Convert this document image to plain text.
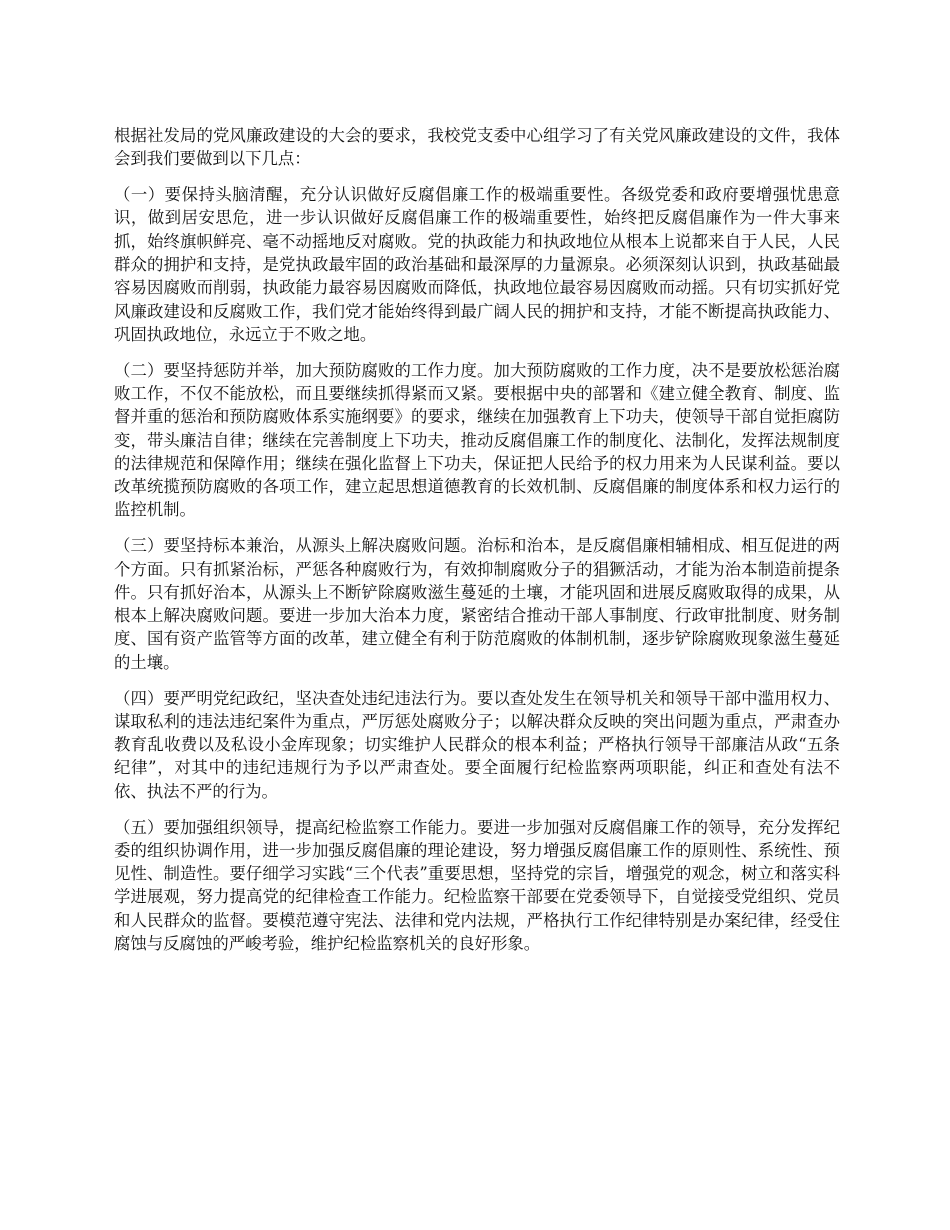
根据社发局的党风廉政建设的大会的要求，我校党支委中心组学习了有关党风廉政建设的文件，我体会到我们要做到以下几点：

（一）要保持头脑清醒，充分认识做好反腐倡廉工作的极端重要性。各级党委和政府要增强忧患意识，做到居安思危，进一步认识做好反腐倡廉工作的极端重要性，始终把反腐倡廉作为一件大事来抓，始终旗帜鲜亮、毫不动摇地反对腐败。党的执政能力和执政地位从根本上说都来自于人民，人民群众的拥护和支持，是党执政最牢固的政治基础和最深厚的力量源泉。必须深刻认识到，执政基础最容易因腐败而削弱，执政能力最容易因腐败而降低，执政地位最容易因腐败而动摇。只有切实抓好党风廉政建设和反腐败工作，我们党才能始终得到最广阔人民的拥护和支持，才能不断提高执政能力、巩固执政地位，永远立于不败之地。

（二）要坚持惩防并举，加大预防腐败的工作力度。加大预防腐败的工作力度，决不是要放松惩治腐败工作，不仅不能放松，而且要继续抓得紧而又紧。要根据中央的部署和《建立健全教育、制度、监督并重的惩治和预防腐败体系实施纲要》的要求，继续在加强教育上下功夫，使领导干部自觉拒腐防变，带头廉洁自律；继续在完善制度上下功夫，推动反腐倡廉工作的制度化、法制化，发挥法规制度的法律规范和保障作用；继续在强化监督上下功夫，保证把人民给予的权力用来为人民谋利益。要以改革统揽预防腐败的各项工作，建立起思想道德教育的长效机制、反腐倡廉的制度体系和权力运行的监控机制。

（三）要坚持标本兼治，从源头上解决腐败问题。治标和治本，是反腐倡廉相辅相成、相互促进的两个方面。只有抓紧治标，严惩各种腐败行为，有效抑制腐败分子的猖獗活动，才能为治本制造前提条件。只有抓好治本，从源头上不断铲除腐败滋生蔓延的土壤，才能巩固和进展反腐败取得的成果，从根本上解决腐败问题。要进一步加大治本力度，紧密结合推动干部人事制度、行政审批制度、财务制度、国有资产监管等方面的改革，建立健全有利于防范腐败的体制机制，逐步铲除腐败现象滋生蔓延的土壤。

（四）要严明党纪政纪，坚决查处违纪违法行为。要以查处发生在领导机关和领导干部中滥用权力、谋取私利的违法违纪案件为重点，严厉惩处腐败分子；以解决群众反映的突出问题为重点，严肃查办教育乱收费以及私设小金库现象；切实维护人民群众的根本利益；严格执行领导干部廉洁从政“五条纪律”，对其中的违纪违规行为予以严肃查处。要全面履行纪检监察两项职能，纠正和查处有法不依、执法不严的行为。

（五）要加强组织领导，提高纪检监察工作能力。要进一步加强对反腐倡廉工作的领导，充分发挥纪委的组织协调作用，进一步加强反腐倡廉的理论建设，努力增强反腐倡廉工作的原则性、系统性、预见性、制造性。要仔细学习实践“三个代表”重要思想，坚持党的宗旨，增强党的观念，树立和落实科学进展观，努力提高党的纪律检查工作能力。纪检监察干部要在党委领导下，自觉接受党组织、党员和人民群众的监督。要模范遵守宪法、法律和党内法规，严格执行工作纪律特别是办案纪律，经受住腐蚀与反腐蚀的严峻考验，维护纪检监察机关的良好形象。
